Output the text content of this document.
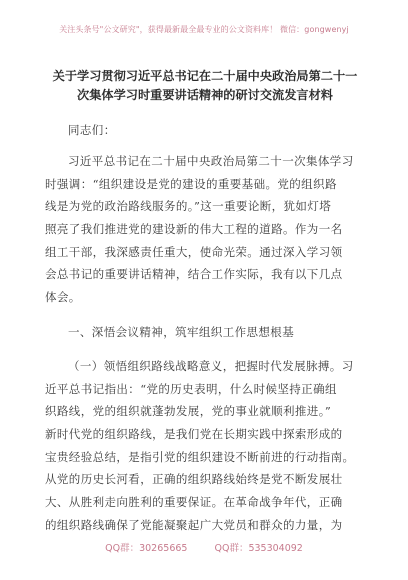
关注头条号"公文研究"，获得最新最全最专业的公文资料库！ 微信：gongwenyj
关于学习贯彻习近平总书记在二十届中央政治局第二十一
次集体学习时重要讲话精神的研讨交流发言材料
同志们：
习近平总书记在二十届中央政治局第二十一次集体学习
时强调：“组织建设是党的建设的重要基础。党的组织路
线是为党的政治路线服务的。”这一重要论断，犹如灯塔
照亮了我们推进党的建设新的伟大工程的道路。作为一名
组工干部，我深感责任重大，使命光荣。通过深入学习领
会总书记的重要讲话精神，结合工作实际，我有以下几点
体会。
一、深悟会议精神，筑牢组织工作思想根基
（一）领悟组织路线战略意义，把握时代发展脉搏。习
近平总书记指出：“党的历史表明，什么时候坚持正确组
织路线，党的组织就蓬勃发展，党的事业就顺利推进。”
新时代党的组织路线，是我们党在长期实践中探索形成的
宝贵经验总结，是指引党的组织建设不断前进的行动指南。
从党的历史长河看，正确的组织路线始终是党不断发展壮
大、从胜利走向胜利的重要保证。在革命战争年代，正确
的组织路线确保了党能凝聚起广大党员和群众的力量，为
QQ群：30265665	QQ群：535304092
